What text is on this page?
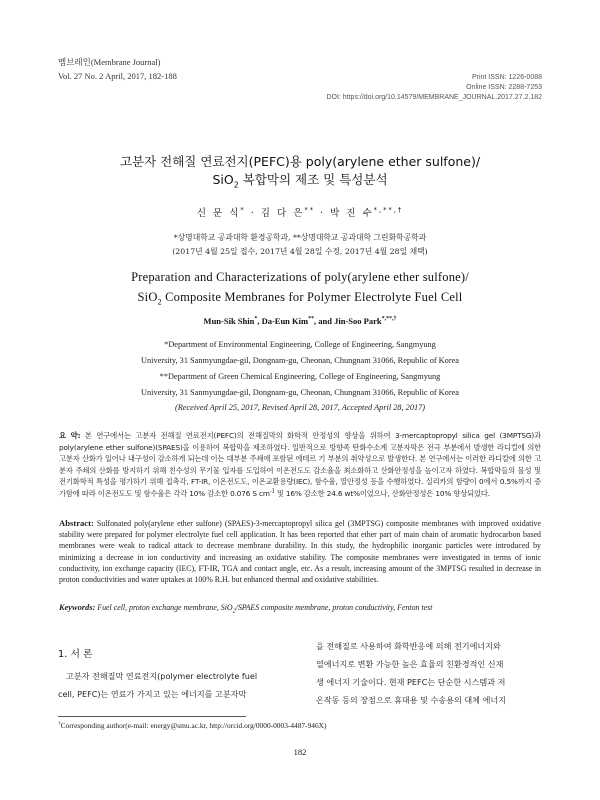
멤브레인(Membrane Journal)
Vol. 27 No. 2 April, 2017, 182-188	Print ISSN: 1226-0088
Online ISSN: 2288-7253
DOI: https://doi.org/10.14579/MEMBRANE_JOURNAL.2017.27.2.182
고분자 전해질 연료전지(PEFC)용 poly(arylene ether sulfone)/
SiO$_2$ 복합막의 제조 및 특성분석
신 문 식* · 김 다 은** · 박 진 수*,**,†
*상명대학교 공과대학 환경공학과, **상명대학교 공과대학 그린화학공학과
(2017년 4월 25일 접수, 2017년 4월 28일 수정, 2017년 4월 28일 채택)
Preparation and Characterizations of poly(arylene ether sulfone)/
SiO$_2$ Composite Membranes for Polymer Electrolyte Fuel Cell
Mun-Sik Shin*, Da-Eun Kim**, and Jin-Soo Park*,**,†
*Department of Environmental Engineering, College of Engineering, Sangmyung
University, 31 Sanmyungdae-gil, Dongnam-gu, Cheonan, Chungnam 31066, Republic of Korea
**Department of Green Chemical Engineering, College of Engineering, Sangmyung
University, 31 Sanmyungdae-gil, Dongnam-gu, Cheonan, Chungnam 31066, Republic of Korea
(Received April 25, 2017, Revised April 28, 2017, Accepted April 28, 2017)
요 약: 본 연구에서는 고분자 전해질 연료전지(PEFC)의 전해질막의 화학적 안정성의 향상을 위하여 3-mercaptopropyl silica gel (3MPTSG)과 poly(arylene ether sulfone)(SPAES)을 이용하여 복합막을 제조하였다. 일반적으로 방향족 탄화수소계 고분자막은 전극 부분에서 발생한 라디컬에 의한 고분자 산화가 일어나 내구성이 감소하게 되는데 이는 대부분 주쇄에 포함된 에테르 기 부분의 취약성으로 발생한다. 본 연구에서는 이러한 라디칼에 의한 고분자 주쇄의 산화를 방지하기 위해 친수성의 무기물 입자를 도입하여 이온전도도 감소율을 최소화하고 산화안정성을 높이고자 하였다. 복합막들의 물성 및 전기화학적 특성을 평가하기 위해 접촉각, FT-IR, 이온전도도, 이온교환용량(IEC), 함수율, 열안정성 등을 수행하였다. 실리카의 함량이 0에서 0.5%까지 증가함에 따라 이온전도도 및 함수율은 각각 10% 감소한 0.076 S $cm^{-1}$ 및 16% 감소한 24.6 wt%이었으나, 산화안정성은 10% 향상되었다.
Abstract: Sulfonated poly(arylene ether sulfone) (SPAES)-3-mercaptopropyl silica gel (3MPTSG) composite membranes with improved oxidative stability were prepared for polymer electrolyte fuel cell application. It has been reported that ether part of main chain of aromatic hydrocarbon based membranes were weak to radical attack to decrease membrane durability. In this study, the hydrophilic inorganic particles were introduced by minimizing a decrease in ion conductivity and increasing an oxidative stability. The composite membranes were investigated in terms of ionic conductivity, ion exchange capacity (IEC), FT-IR, TGA and contact angle, etc. As a result, increasing amount of the 3MPTSG resulted in decrease in proton conductivities and water uptakes at 100% R.H. but enhanced thermal and oxidative stabilities.
Keywords: Fuel cell, proton exchange membrane, SiO$_2$/SPAES composite membrane, proton conductivity, Fenton test
1. 서 론
고분자 전해질막 연료전지(polymer electrolyte fuel
cell, PEFC)는 연료가 가지고 있는 에너지를 고분자막
을 전해질로 사용하여 화학반응에 의해 전기에너지와
열에너지로 변환 가능한 높은 효율의 친환경적인 신재
생 에너지 기술이다. 현재 PEFC는 단순한 시스템과 저
온작동 등의 장점으로 휴대용 및 수송용의 대체 에너지
†Corresponding author(e-mail: energy@smu.ac.kr, http://orcid.org/0000-0003-4487-946X)
182
